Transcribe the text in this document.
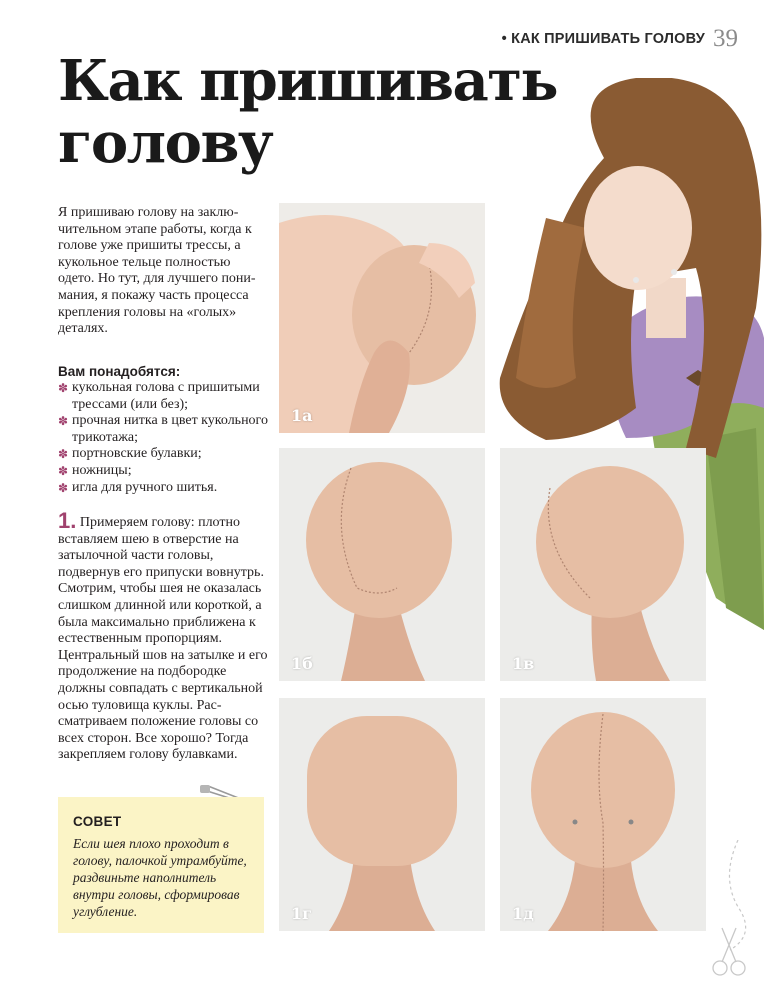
• КАК ПРИШИВАТЬ ГОЛОВУ 39
Как пришивать
голову

Я пришиваю голову на заключительном этапе работы, когда к голове уже пришиты трессы, а кукольное тельце полностью одето. Но тут, для лучшего понимания, я покажу часть процесса крепления головы на «голых» деталях.

Вам понадобятся:

✽ кукольная голова с пришитыми трессами (или без);
✽ прочная нитка в цвет кукольного трикотажа;
✽ портновские булавки;
✽ ножницы;
✽ игла для ручного шитья.

1. Примеряем голову: плотно вставляем шею в отверстие на затылочной части головы, подвернув его припуски вовнутрь. Смотрим, чтобы шея не оказалась слишком длинной или короткой, а была максимально приближена к естественным пропорциям. Центральный шов на затылке и его продолжение на подбородке должны совпадать с вертикальной осью туловища куклы. Рассматриваем положение головы со всех сторон. Все хорошо? Тогда закрепляем голову булавками.

СОВЕТ

Если шея плохо проходит в голову, палочкой утрамбуйте, раздвиньте наполнитель внутри головы, сформировав углубление.

1а
1б	1в
1г	1д
